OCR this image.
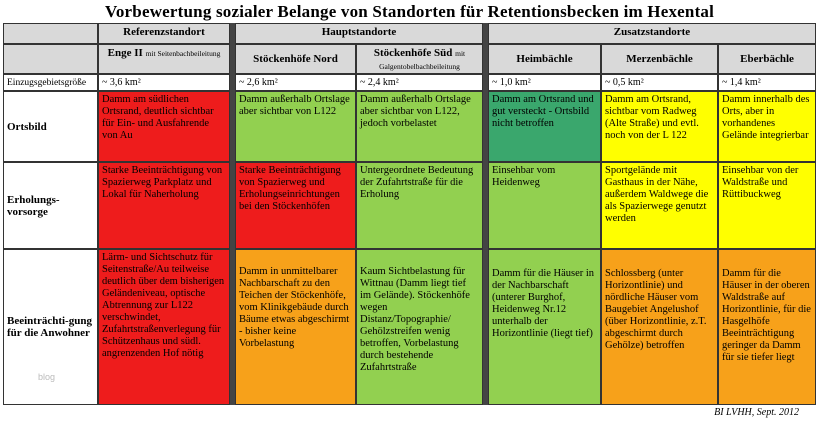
Vorbewertung sozialer Belange von Standorten für Retentionsbecken im Hexental
Referenzstandort	Hauptstandorte	Zusatzstandorte
Enge II mit Seitenbachbeileitung	Stöckenhöfe Nord	Stöckenhöfe Süd mit Galgentobelbachbeileitung
Heimbächle	Merzenbächle	Eberbächle
Einzugsgebietsgröße	~ 3,6 km²	~ 2,6 km²	~ 2,4 km²	~ 1,0 km²	~ 0,5 km²	~ 1,4 km²
Ortsbild
Damm am südlichen Ortsrand, deutlich sichtbar für Ein- und Ausfahrende von Au
Damm außerhalb Ortslage aber sichtbar von L122
Damm außerhalb Ortslage aber sichtbar von L122, jedoch vorbelastet
Damm am Ortsrand und gut versteckt - Ortsbild nicht betroffen
Damm am Ortsrand, sichtbar vom Radweg (Alte Straße) und evtl. noch von der L 122
Damm innerhalb des Orts, aber in vorhandenes Gelände integrierbar
Erholungs-vorsorge
Starke Beeinträchtigung von Spazierweg Parkplatz und Lokal für Naherholung
Starke Beeinträchtigung von Spazierweg und Erholungseinrichtungen bei den Stöckenhöfen
Untergeordnete Bedeutung der Zufahrtstraße für die Erholung
Einsehbar vom Heidenweg
Sportgelände mit Gasthaus in der Nähe, außerdem Waldwege die als Spazierwege genutzt werden
Einsehbar von der Waldstraße und Rüttibuckweg
Beeinträchti-gung für die Anwohner
Lärm- und Sichtschutz für Seitenstraße/Au teilweise deutlich über dem bisherigen Geländeniveau, optische Abtrennung zur L122 verschwindet, Zufahrtstraßenverlegung für Schützenhaus und südl. angrenzenden Hof nötig
Damm in unmittelbarer Nachbarschaft zu den Teichen der Stöckenhöfe, vom Klinikgebäude durch Bäume etwas abgeschirmt - bisher keine Vorbelastung
Kaum Sichtbelastung für Wittnau (Damm liegt tief im Gelände). Stöckenhöfe wegen Distanz/Topographie/ Gehölzstreifen wenig betroffen, Vorbelastung durch bestehende Zufahrtstraße
Damm für die Häuser in der Nachbarschaft (unterer Burghof, Heidenweg Nr.12 unterhalb der Horizontlinie (liegt tief)
Schlossberg (unter Horizontlinie) und nördliche Häuser vom Baugebiet Angelushof (über Horizontlinie, z.T. abgeschirmt durch Gehölze) betroffen
Damm für die Häuser in der oberen Waldstraße auf Horizontlinie, für die Hasgelhöfe Beeinträchtigung geringer da Damm für sie tiefer liegt
blog
BI LVHH, Sept. 2012
